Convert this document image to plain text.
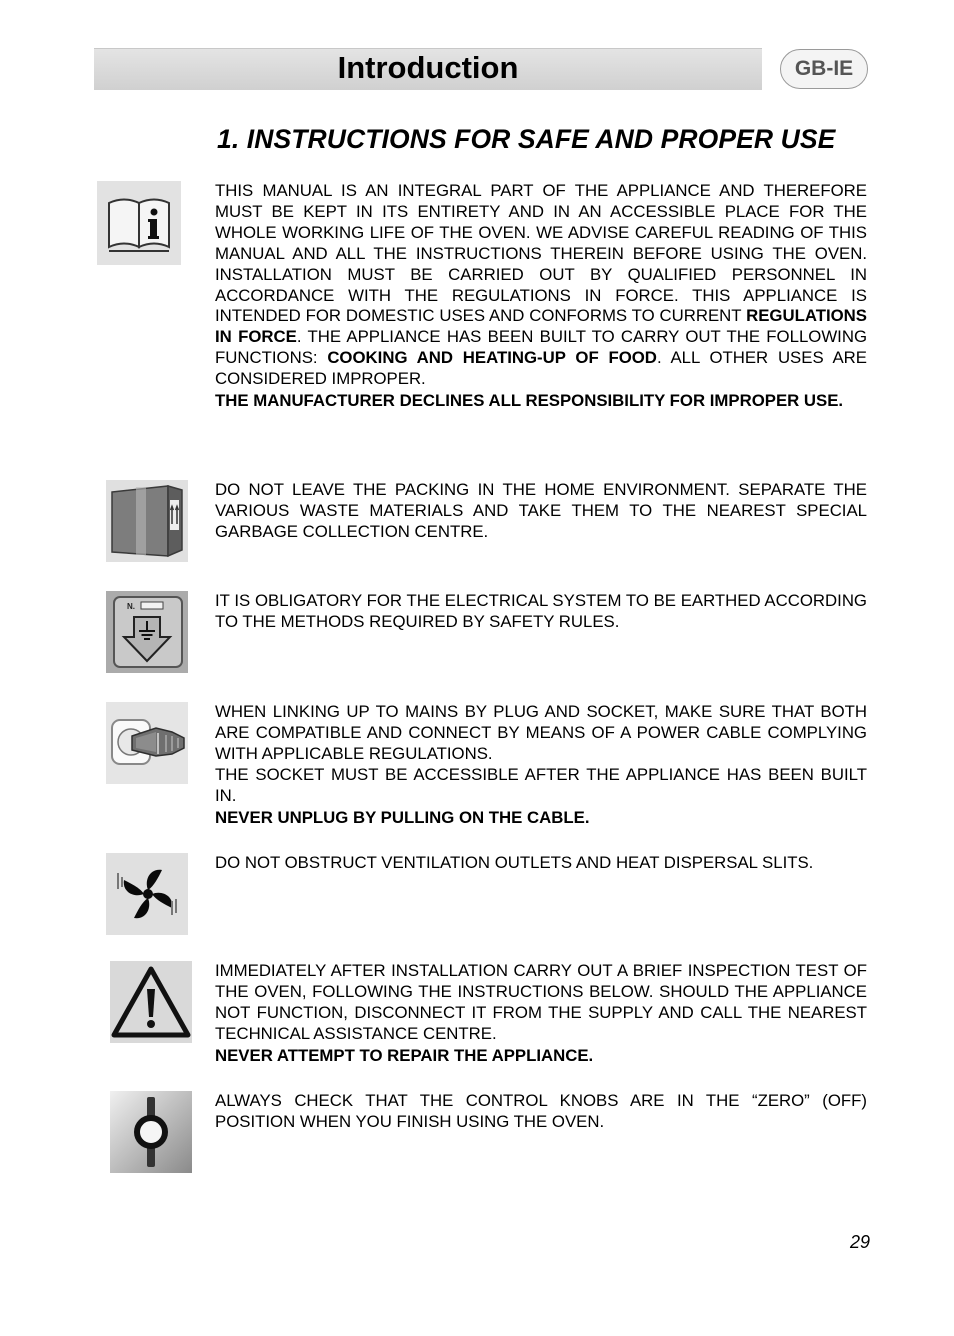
Introduction	GB-IE
1. INSTRUCTIONS FOR SAFE AND PROPER USE

THIS MANUAL IS AN INTEGRAL PART OF THE APPLIANCE AND THEREFORE MUST BE KEPT IN ITS ENTIRETY AND IN AN ACCESSIBLE PLACE FOR THE WHOLE WORKING LIFE OF THE OVEN. WE ADVISE CAREFUL READING OF THIS MANUAL AND ALL THE INSTRUCTIONS THEREIN BEFORE USING THE OVEN. INSTALLATION MUST BE CARRIED OUT BY QUALIFIED PERSONNEL IN ACCORDANCE WITH THE REGULATIONS IN FORCE. THIS APPLIANCE IS INTENDED FOR DOMESTIC USES AND CONFORMS TO CURRENT REGULATIONS IN FORCE. THE APPLIANCE HAS BEEN BUILT TO CARRY OUT THE FOLLOWING FUNCTIONS: COOKING AND HEATING-UP OF FOOD. ALL OTHER USES ARE CONSIDERED IMPROPER.

THE MANUFACTURER DECLINES ALL RESPONSIBILITY FOR IMPROPER USE.

DO NOT LEAVE THE PACKING IN THE HOME ENVIRONMENT. SEPARATE THE VARIOUS WASTE MATERIALS AND TAKE THEM TO THE NEAREST SPECIAL GARBAGE COLLECTION CENTRE.

N.	IT IS OBLIGATORY FOR THE ELECTRICAL SYSTEM TO BE EARTHED ACCORDING TO THE METHODS REQUIRED BY SAFETY RULES.

WHEN LINKING UP TO MAINS BY PLUG AND SOCKET, MAKE SURE THAT BOTH ARE COMPATIBLE AND CONNECT BY MEANS OF A POWER CABLE COMPLYING WITH APPLICABLE REGULATIONS.

THE SOCKET MUST BE ACCESSIBLE AFTER THE APPLIANCE HAS BEEN BUILT IN.

NEVER UNPLUG BY PULLING ON THE CABLE.

DO NOT OBSTRUCT VENTILATION OUTLETS AND HEAT DISPERSAL SLITS.

IMMEDIATELY AFTER INSTALLATION CARRY OUT A BRIEF INSPECTION TEST OF THE OVEN, FOLLOWING THE INSTRUCTIONS BELOW. SHOULD THE APPLIANCE NOT FUNCTION, DISCONNECT IT FROM THE SUPPLY AND CALL THE NEAREST TECHNICAL ASSISTANCE CENTRE.

NEVER ATTEMPT TO REPAIR THE APPLIANCE.

ALWAYS CHECK THAT THE CONTROL KNOBS ARE IN THE “ZERO” (OFF) POSITION WHEN YOU FINISH USING THE OVEN.

29
